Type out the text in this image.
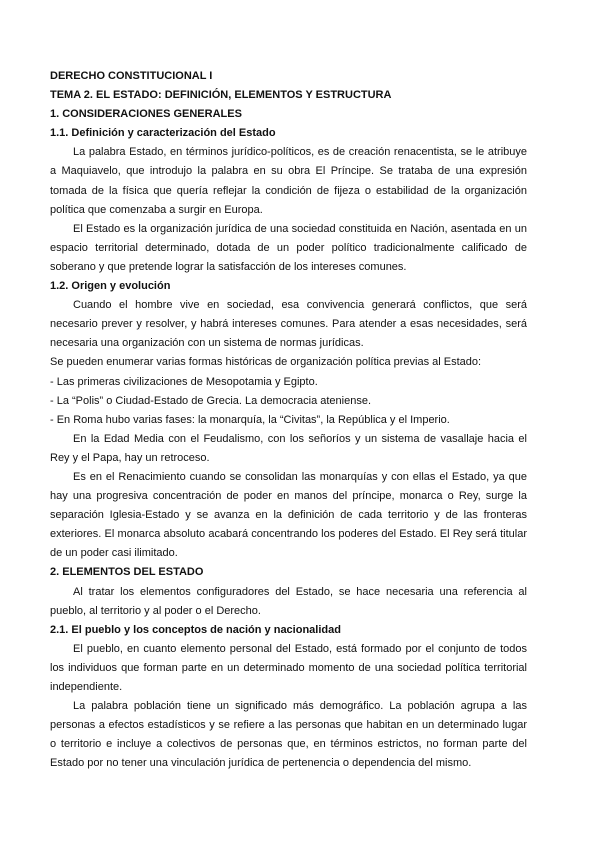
DERECHO CONSTITUCIONAL I

TEMA 2. EL ESTADO: DEFINICIÓN, ELEMENTOS Y ESTRUCTURA

1. CONSIDERACIONES GENERALES

1.1. Definición y caracterización del Estado

La palabra Estado, en términos jurídico-políticos, es de creación renacentista, se le atribuye a Maquiavelo, que introdujo la palabra en su obra El Príncipe. Se trataba de una expresión tomada de la física que quería reflejar la condición de fijeza o estabilidad de la organización política que comenzaba a surgir en Europa.

El Estado es la organización jurídica de una sociedad constituida en Nación, asentada en un espacio territorial determinado, dotada de un poder político tradicionalmente calificado de soberano y que pretende lograr la satisfacción de los intereses comunes.

1.2. Origen y evolución

Cuando el hombre vive en sociedad, esa convivencia generará conflictos, que será necesario prever y resolver, y habrá intereses comunes. Para atender a esas necesidades, será necesaria una organización con un sistema de normas jurídicas.

Se pueden enumerar varias formas históricas de organización política previas al Estado:

- Las primeras civilizaciones de Mesopotamia y Egipto.

- La “Polis” o Ciudad-Estado de Grecia. La democracia ateniense.

- En Roma hubo varias fases: la monarquía, la “Civitas”, la República y el Imperio.

En la Edad Media con el Feudalismo, con los señoríos y un sistema de vasallaje hacia el Rey y el Papa, hay un retroceso.

Es en el Renacimiento cuando se consolidan las monarquías y con ellas el Estado, ya que hay una progresiva concentración de poder en manos del príncipe, monarca o Rey, surge la separación Iglesia-Estado y se avanza en la definición de cada territorio y de las fronteras exteriores. El monarca absoluto acabará concentrando los poderes del Estado. El Rey será titular de un poder casi ilimitado.

2. ELEMENTOS DEL ESTADO

Al tratar los elementos configuradores del Estado, se hace necesaria una referencia al pueblo, al territorio y al poder o el Derecho.

2.1. El pueblo y los conceptos de nación y nacionalidad

El pueblo, en cuanto elemento personal del Estado, está formado por el conjunto de todos los individuos que forman parte en un determinado momento de una sociedad política territorial independiente.

La palabra población tiene un significado más demográfico. La población agrupa a las personas a efectos estadísticos y se refiere a las personas que habitan en un determinado lugar o territorio e incluye a colectivos de personas que, en términos estrictos, no forman parte del Estado por no tener una vinculación jurídica de pertenencia o dependencia del mismo.
